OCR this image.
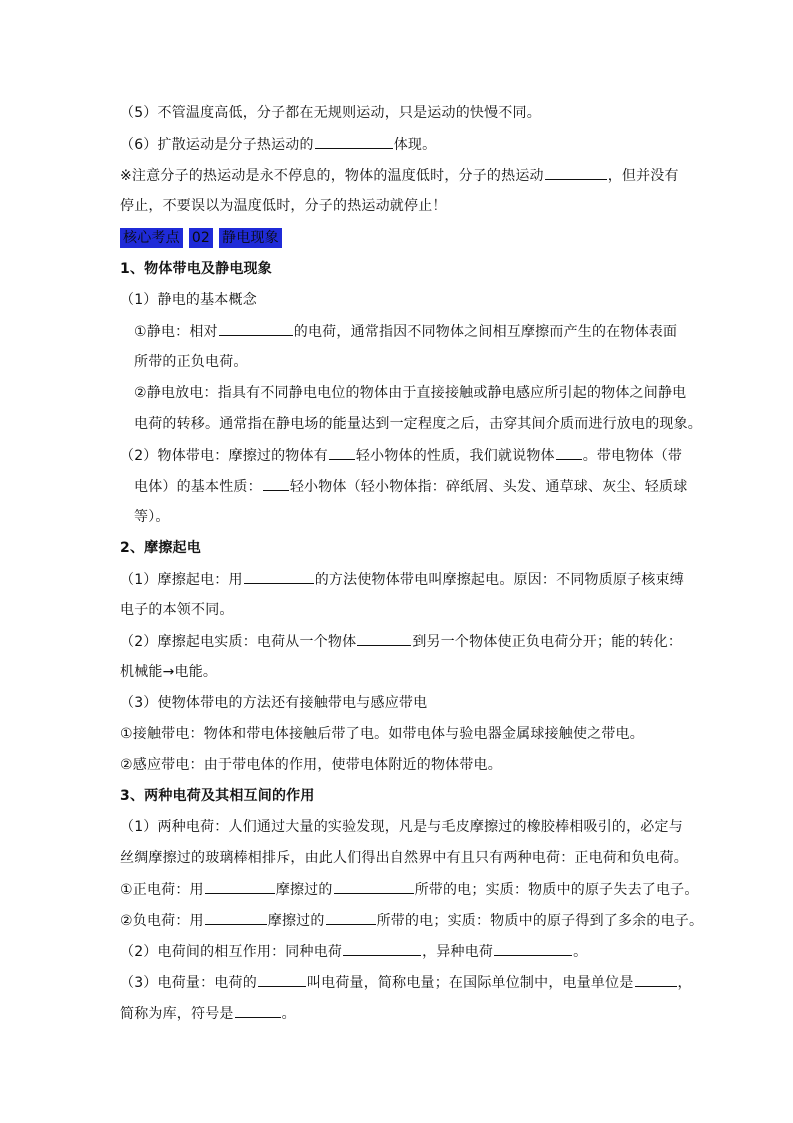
（5）不管温度高低，分子都在无规则运动，只是运动的快慢不同。
（6）扩散运动是分子热运动的	体现。
※注意分子的热运动是永不停息的，物体的温度低时，分子的热运动	，但并没有
停止，不要误以为温度低时，分子的热运动就停止！
核心考点 02 静电现象
1、物体带电及静电现象
（1）静电的基本概念
①静电：相对	的电荷，通常指因不同物体之间相互摩擦而产生的在物体表面
所带的正负电荷。
②静电放电：指具有不同静电电位的物体由于直接接触或静电感应所引起的物体之间静电
电荷的转移。通常指在静电场的能量达到一定程度之后，击穿其间介质而进行放电的现象。
（2）物体带电：摩擦过的物体有 轻小物体的性质，我们就说物体 。带电物体（带
电体）的基本性质： 轻小物体（轻小物体指：碎纸屑、头发、通草球、灰尘、轻质球
等）。
2、摩擦起电
（1）摩擦起电：用	的方法使物体带电叫摩擦起电。原因：不同物质原子核束缚
电子的本领不同。
（2）摩擦起电实质：电荷从一个物体	到另一个物体使正负电荷分开；能的转化：
机械能→电能。
（3）使物体带电的方法还有接触带电与感应带电
①接触带电：物体和带电体接触后带了电。如带电体与验电器金属球接触使之带电。
②感应带电：由于带电体的作用，使带电体附近的物体带电。
3、两种电荷及其相互间的作用
（1）两种电荷：人们通过大量的实验发现，凡是与毛皮摩擦过的橡胶棒相吸引的，必定与
丝绸摩擦过的玻璃棒相排斥，由此人们得出自然界中有且只有两种电荷：正电荷和负电荷。
①正电荷：用	摩擦过的	所带的电；实质：物质中的原子失去了电子。
②负电荷：用	摩擦过的	所带的电；实质：物质中的原子得到了多余的电子。
（2）电荷间的相互作用：同种电荷	，异种电荷	。
（3）电荷量：电荷的	叫电荷量，简称电量；在国际单位制中，电量单位是	，
简称为库，符号是	。
